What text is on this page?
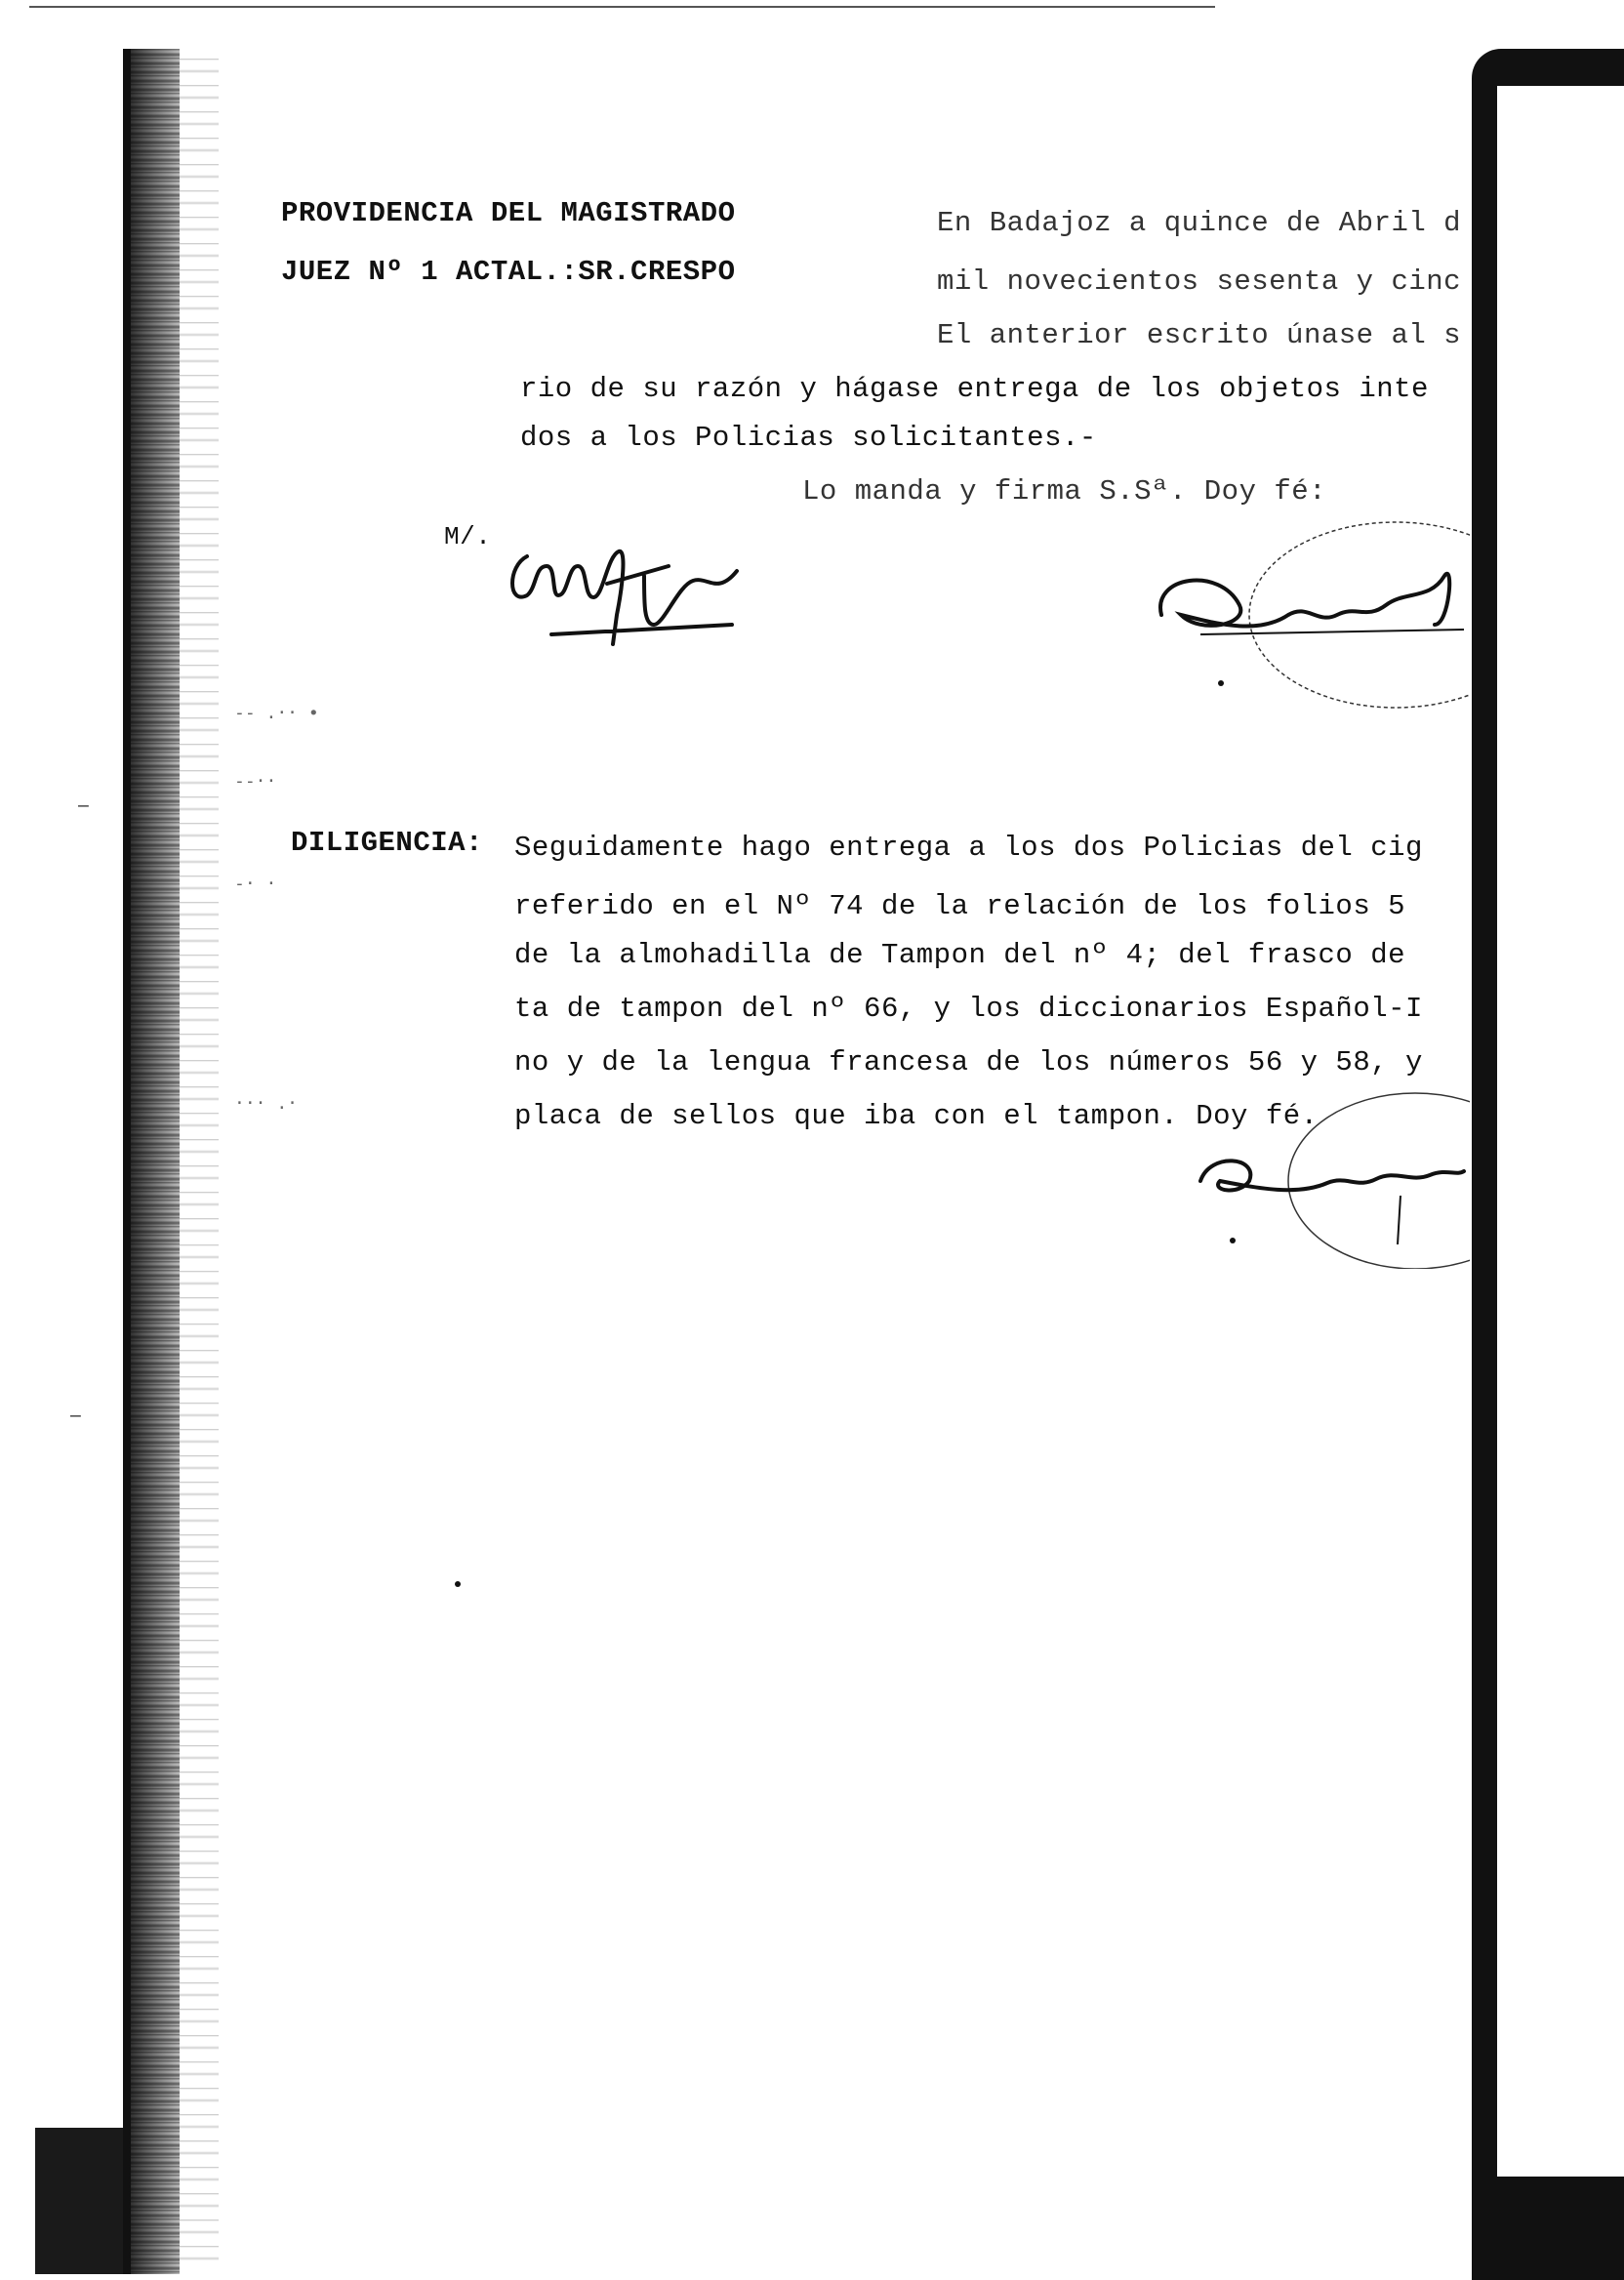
PROVIDENCIA DEL MAGISTRADO
JUEZ Nº 1 ACTAL.:SR.CRESPO
En Badajoz a quince de Abril d
mil novecientos sesenta y cinc
El anterior escrito únase al s
rio de su razón y hágase entrega de los objetos inte
dos a los Policias solicitantes.-
Lo manda y firma S.Sª. Doy fé:
M/.
DILIGENCIA: Seguidamente hago entrega a los dos Policias del cig
referido en el Nº 74 de la relación de los folios 5
de la almohadilla de Tampon del nº 4; del frasco de
ta de tampon del nº 66, y los diccionarios Español-I
no y de la lengua francesa de los números 56 y 58, y
placa de sellos que iba con el tampon. Doy fé.
-- .·· ∙
--··
-· ·
··· .·
—
—
